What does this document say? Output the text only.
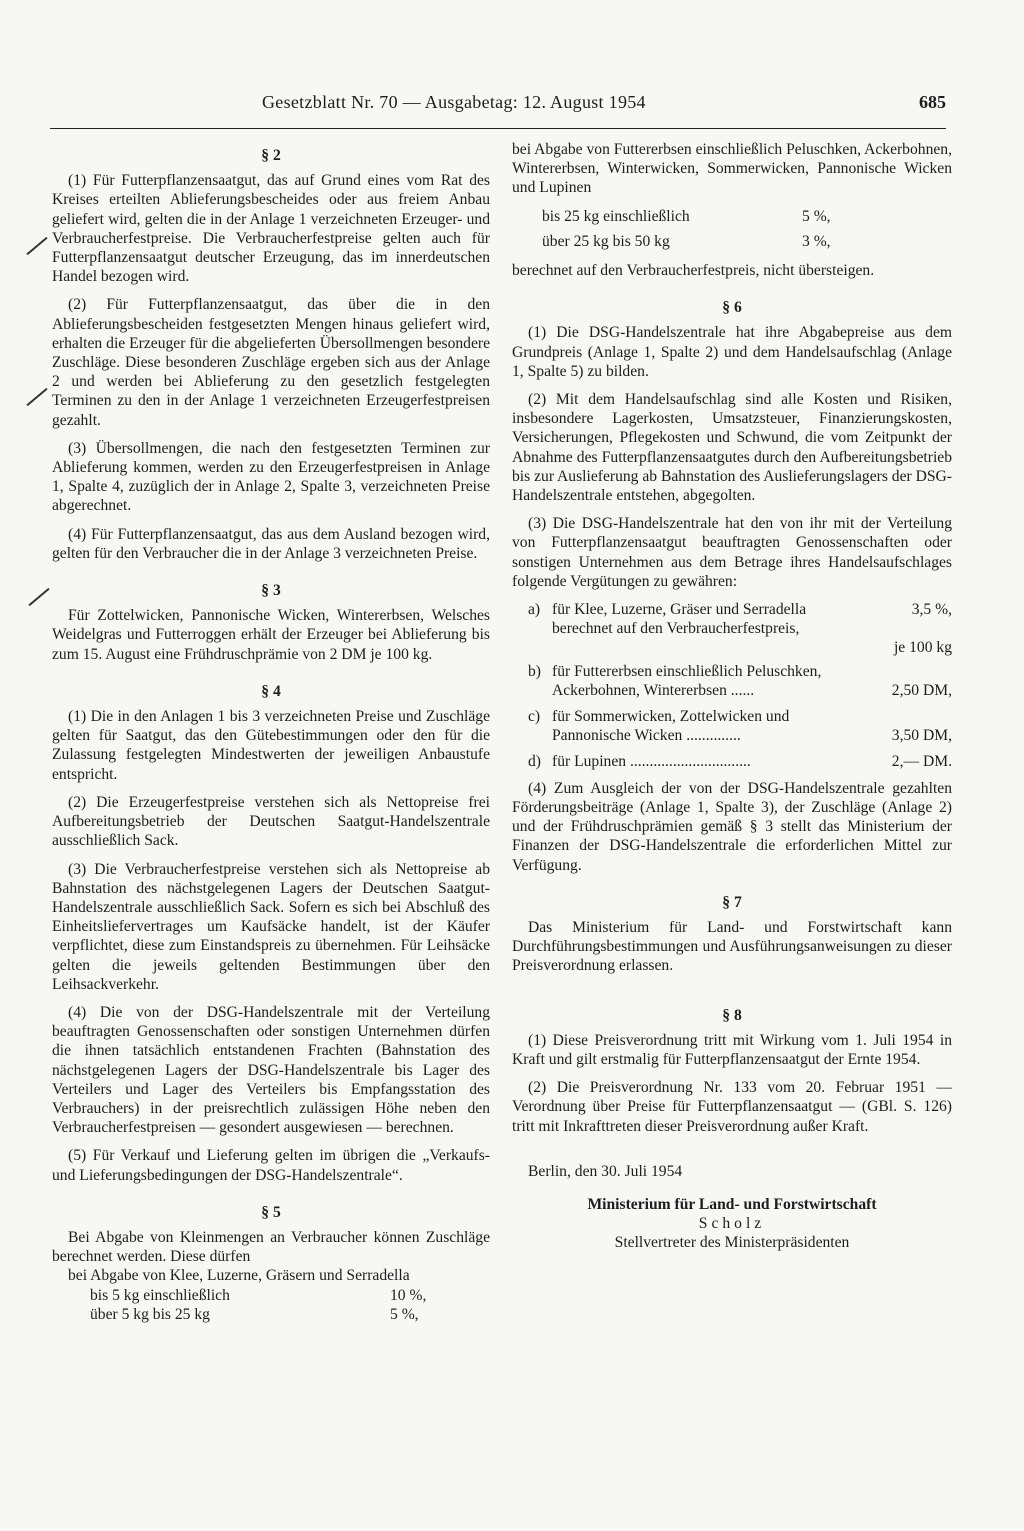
Gesetzblatt Nr. 70 — Ausgabetag: 12. August 1954	685
§ 2

(1) Für Futterpflanzensaatgut, das auf Grund eines vom Rat des Kreises erteilten Ablieferungsbescheides oder aus freiem Anbau geliefert wird, gelten die in der Anlage 1 verzeichneten Erzeuger- und Verbraucherfestpreise. Die Verbraucherfestpreise gelten auch für Futterpflanzensaatgut deutscher Erzeugung, das im innerdeutschen Handel bezogen wird.

(2) Für Futterpflanzensaatgut, das über die in den Ablieferungsbescheiden festgesetzten Mengen hinaus geliefert wird, erhalten die Erzeuger für die abgelieferten Übersollmengen besondere Zuschläge. Diese besonderen Zuschläge ergeben sich aus der Anlage 2 und werden bei Ablieferung zu den gesetzlich festgelegten Terminen zu den in der Anlage 1 verzeichneten Erzeugerfestpreisen gezahlt.

(3) Übersollmengen, die nach den festgesetzten Terminen zur Ablieferung kommen, werden zu den Erzeugerfestpreisen in Anlage 1, Spalte 4, zuzüglich der in Anlage 2, Spalte 3, verzeichneten Preise abgerechnet.

(4) Für Futterpflanzensaatgut, das aus dem Ausland bezogen wird, gelten für den Verbraucher die in der Anlage 3 verzeichneten Preise.

§ 3

Für Zottelwicken, Pannonische Wicken, Wintererbsen, Welsches Weidelgras und Futterroggen erhält der Erzeuger bei Ablieferung bis zum 15. August eine Frühdruschprämie von 2 DM je 100 kg.

§ 4

(1) Die in den Anlagen 1 bis 3 verzeichneten Preise und Zuschläge gelten für Saatgut, das den Gütebestimmungen oder den für die Zulassung festgelegten Mindestwerten der jeweiligen Anbaustufe entspricht.

(2) Die Erzeugerfestpreise verstehen sich als Nettopreise frei Aufbereitungsbetrieb der Deutschen Saatgut-Handelszentrale ausschließlich Sack.

(3) Die Verbraucherfestpreise verstehen sich als Nettopreise ab Bahnstation des nächstgelegenen Lagers der Deutschen Saatgut-Handelszentrale ausschließlich Sack. Sofern es sich bei Abschluß des Einheitsliefervertrages um Kaufsäcke handelt, ist der Käufer verpflichtet, diese zum Einstandspreis zu übernehmen. Für Leihsäcke gelten die jeweils geltenden Bestimmungen über den Leihsackverkehr.

(4) Die von der DSG-Handelszentrale mit der Verteilung beauftragten Genossenschaften oder sonstigen Unternehmen dürfen die ihnen tatsächlich entstandenen Frachten (Bahnstation des nächstgelegenen Lagers der DSG-Handelszentrale bis Lager des Verteilers und Lager des Verteilers bis Empfangsstation des Verbrauchers) in der preisrechtlich zulässigen Höhe neben den Verbraucherfestpreisen — gesondert ausgewiesen — berechnen.

(5) Für Verkauf und Lieferung gelten im übrigen die „Verkaufs- und Lieferungsbedingungen der DSG-Handelszentrale“.

§ 5

Bei Abgabe von Kleinmengen an Verbraucher können Zuschläge berechnet werden. Diese dürfen

bei Abgabe von Klee, Luzerne, Gräsern und Serradella

bis 5 kg einschließlich	10 %,
über 5 kg bis 25 kg	5 %,

bei Abgabe von Futtererbsen einschließlich Peluschken, Ackerbohnen, Wintererbsen, Winterwicken, Sommerwicken, Pannonische Wicken und Lupinen

bis 25 kg einschließlich	5 %,
über 25 kg bis 50 kg	3 %,

berechnet auf den Verbraucherfestpreis, nicht übersteigen.

§ 6

(1) Die DSG-Handelszentrale hat ihre Abgabepreise aus dem Grundpreis (Anlage 1, Spalte 2) und dem Handelsaufschlag (Anlage 1, Spalte 5) zu bilden.

(2) Mit dem Handelsaufschlag sind alle Kosten und Risiken, insbesondere Lagerkosten, Umsatzsteuer, Finanzierungskosten, Versicherungen, Pflegekosten und Schwund, die vom Zeitpunkt der Abnahme des Futterpflanzensaatgutes durch den Aufbereitungsbetrieb bis zur Auslieferung ab Bahnstation des Auslieferungslagers der DSG-Handelszentrale entstehen, abgegolten.

(3) Die DSG-Handelszentrale hat den von ihr mit der Verteilung von Futterpflanzensaatgut beauftragten Genossenschaften oder sonstigen Unternehmen aus dem Betrage ihres Handelsaufschlages folgende Vergütungen zu gewähren:

a) für Klee, Luzerne, Gräser und Serradella berechnet auf den Verbraucherfestpreis,
3,5 %,
je 100 kg
b) für Futtererbsen einschließlich Peluschken, Ackerbohnen, Wintererbsen ......	2,50 DM,
c) für Sommerwicken, Zottelwicken und Pannonische Wicken ..............	3,50 DM,
d) für Lupinen ...............................	2,— DM.

(4) Zum Ausgleich der von der DSG-Handelszentrale gezahlten Förderungsbeiträge (Anlage 1, Spalte 3), der Zuschläge (Anlage 2) und der Frühdruschprämien gemäß § 3 stellt das Ministerium der Finanzen der DSG-Handelszentrale die erforderlichen Mittel zur Verfügung.

§ 7

Das Ministerium für Land- und Forstwirtschaft kann Durchführungsbestimmungen und Ausführungsanweisungen zu dieser Preisverordnung erlassen.

§ 8

(1) Diese Preisverordnung tritt mit Wirkung vom 1. Juli 1954 in Kraft und gilt erstmalig für Futterpflanzensaatgut der Ernte 1954.

(2) Die Preisverordnung Nr. 133 vom 20. Februar 1951 — Verordnung über Preise für Futterpflanzensaatgut — (GBl. S. 126) tritt mit Inkrafttreten dieser Preisverordnung außer Kraft.

Berlin, den 30. Juli 1954

Ministerium für Land- und Forstwirtschaft
Scholz
Stellvertreter des Ministerpräsidenten
